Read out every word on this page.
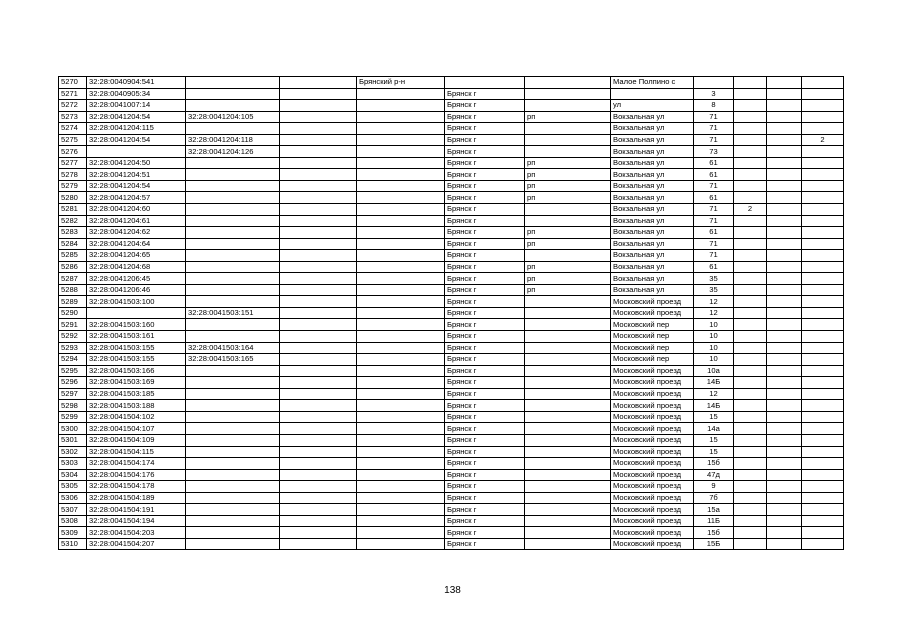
5270	32:28:0040904:541			Брянский р-н			Малое Полпино с				
5271	32:28:0040905:34				Брянск г			3			
5272	32:28:0041007:14				Брянск г		ул	8			
5273	32:28:0041204:54	32:28:0041204:105			Брянск г	рп	Вокзальная ул	71			
5274	32:28:0041204:115				Брянск г		Вокзальная ул	71			
5275	32:28:0041204:54	32:28:0041204:118			Брянск г		Вокзальная ул	71			2
5276		32:28:0041204:126			Брянск г		Вокзальная ул	73			
5277	32:28:0041204:50				Брянск г	рп	Вокзальная ул	61			
5278	32:28:0041204:51				Брянск г	рп	Вокзальная ул	61			
5279	32:28:0041204:54				Брянск г	рп	Вокзальная ул	71			
5280	32:28:0041204:57				Брянск г	рп	Вокзальная ул	61			
5281	32:28:0041204:60				Брянск г		Вокзальная ул	71	2		
5282	32:28:0041204:61				Брянск г		Вокзальная ул	71			
5283	32:28:0041204:62				Брянск г	рп	Вокзальная ул	61			
5284	32:28:0041204:64				Брянск г	рп	Вокзальная ул	71			
5285	32:28:0041204:65				Брянск г		Вокзальная ул	71			
5286	32:28:0041204:68				Брянск г	рп	Вокзальная ул	61			
5287	32:28:0041206:45				Брянск г	рп	Вокзальная ул	35			
5288	32:28:0041206:46				Брянск г	рп	Вокзальная ул	35			
5289	32:28:0041503:100				Брянск г		Московский проезд	12			
5290		32:28:0041503:151			Брянск г		Московский проезд	12			
5291	32:28:0041503:160				Брянск г		Московский пер	10			
5292	32:28:0041503:161				Брянск г		Московский пер	10			
5293	32:28:0041503:155	32:28:0041503:164			Брянск г		Московский пер	10			
5294	32:28:0041503:155	32:28:0041503:165			Брянск г		Московский пер	10			
5295	32:28:0041503:166				Брянск г		Московский проезд	10а			
5296	32:28:0041503:169				Брянск г		Московский проезд	14Б			
5297	32:28:0041503:185				Брянск г		Московский проезд	12			
5298	32:28:0041503:188				Брянск г		Московский проезд	14Б			
5299	32:28:0041504:102				Брянск г		Московский проезд	15			
5300	32:28:0041504:107				Брянск г		Московский проезд	14а			
5301	32:28:0041504:109				Брянск г		Московский проезд	15			
5302	32:28:0041504:115				Брянск г		Московский проезд	15			
5303	32:28:0041504:174				Брянск г		Московский проезд	15б			
5304	32:28:0041504:176				Брянск г		Московский проезд	47д			
5305	32:28:0041504:178				Брянск г		Московский проезд	9			
5306	32:28:0041504:189				Брянск г		Московский проезд	7б			
5307	32:28:0041504:191				Брянск г		Московский проезд	15а			
5308	32:28:0041504:194				Брянск г		Московский проезд	11Б			
5309	32:28:0041504:203				Брянск г		Московский проезд	15б			
5310	32:28:0041504:207				Брянск г		Московский проезд	15Б			
138
